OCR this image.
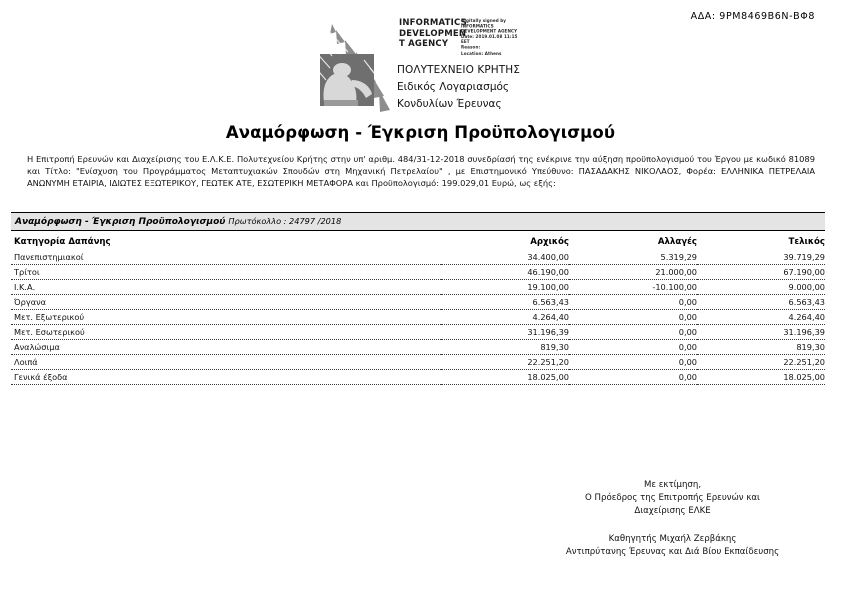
ΑΔΑ: 9ΡΜ8469Β6Ν-ΒΦ8
INFORMATICS
DEVELOPMEN
T AGENCY
Digitally signed by
INFORMATICS
DEVELOPMENT AGENCY
Date: 2019.01.08 11:15
EET
Reason:
Location: Athens
ΠΟΛΥΤΕΧΝΕΙΟ ΚΡΗΤΗΣ
Ειδικός Λογαριασμός
Κονδυλίων Έρευνας
Αναμόρφωση - Έγκριση Προϋπολογισμού
Η Επιτροπή Ερευνών και Διαχείρισης του Ε.Λ.Κ.Ε. Πολυτεχνείου Κρήτης στην υπ' αριθμ. 484/31-12-2018 συνεδρίασή της ενέκρινε την αύξηση προϋπολογισμού του Έργου με κωδικό 81089 και Τίτλο: "Ενίσχυση του Προγράμματος Μεταπτυχιακών Σπουδών στη Μηχανική Πετρελαίου" , με Επιστημονικό Υπεύθυνο: ΠΑΣΑΔΑΚΗΣ ΝΙΚΟΛΑΟΣ, Φορέα: ΕΛΛΗΝΙΚΑ ΠΕΤΡΕΛΑΙΑ ΑΝΩΝΥΜΗ ΕΤΑΙΡΙΑ, ΙΔΙΩΤΕΣ ΕΞΩΤΕΡΙΚΟΥ, ΓΕΩΤΕΚ ΑΤΕ, ΕΣΩΤΕΡΙΚΗ ΜΕΤΑΦΟΡΑ και Προϋπολογισμό: 199.029,01 Ευρώ, ως εξής:
Αναμόρφωση - Έγκριση Προϋπολογισμού Πρωτόκολλο : 24797 /2018
Κατηγορία Δαπάνης	Αρχικός	Αλλαγές	Τελικός
Πανεπιστημιακοί	34.400,00	5.319,29	39.719,29
Τρίτοι	46.190,00	21.000,00	67.190,00
Ι.Κ.Α.	19.100,00	-10.100,00	9.000,00
Όργανα	6.563,43	0,00	6.563,43
Μετ. Εξωτερικού	4.264,40	0,00	4.264,40
Μετ. Εσωτερικού	31.196,39	0,00	31.196,39
Αναλώσιμα	819,30	0,00	819,30
Λοιπά	22.251,20	0,00	22.251,20
Γενικά έξοδα	18.025,00	0,00	18.025,00
Με εκτίμηση,
Ο Πρόεδρος της Επιτροπής Ερευνών και
Διαχείρισης ΕΛΚΕ
Καθηγητής Μιχαήλ Ζερβάκης
Αντιπρύτανης Έρευνας και Διά Βίου Εκπαίδευσης
